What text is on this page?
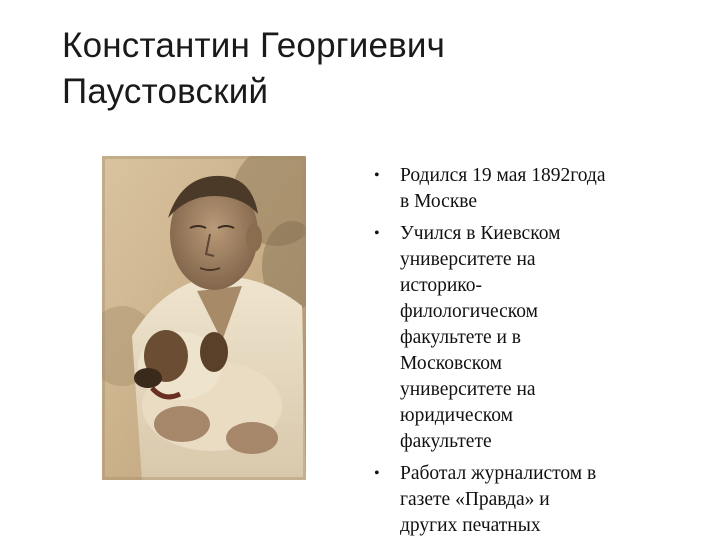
Константин Георгиевич
Паустовский
• Родился 19 мая 1892года
в Москве
• Учился в Киевском
университете на
историко-
филологическом
факультете и в
Московском
университете на
юридическом
факультете
• Работал журналистом в
газете «Правда» и
других печатных
